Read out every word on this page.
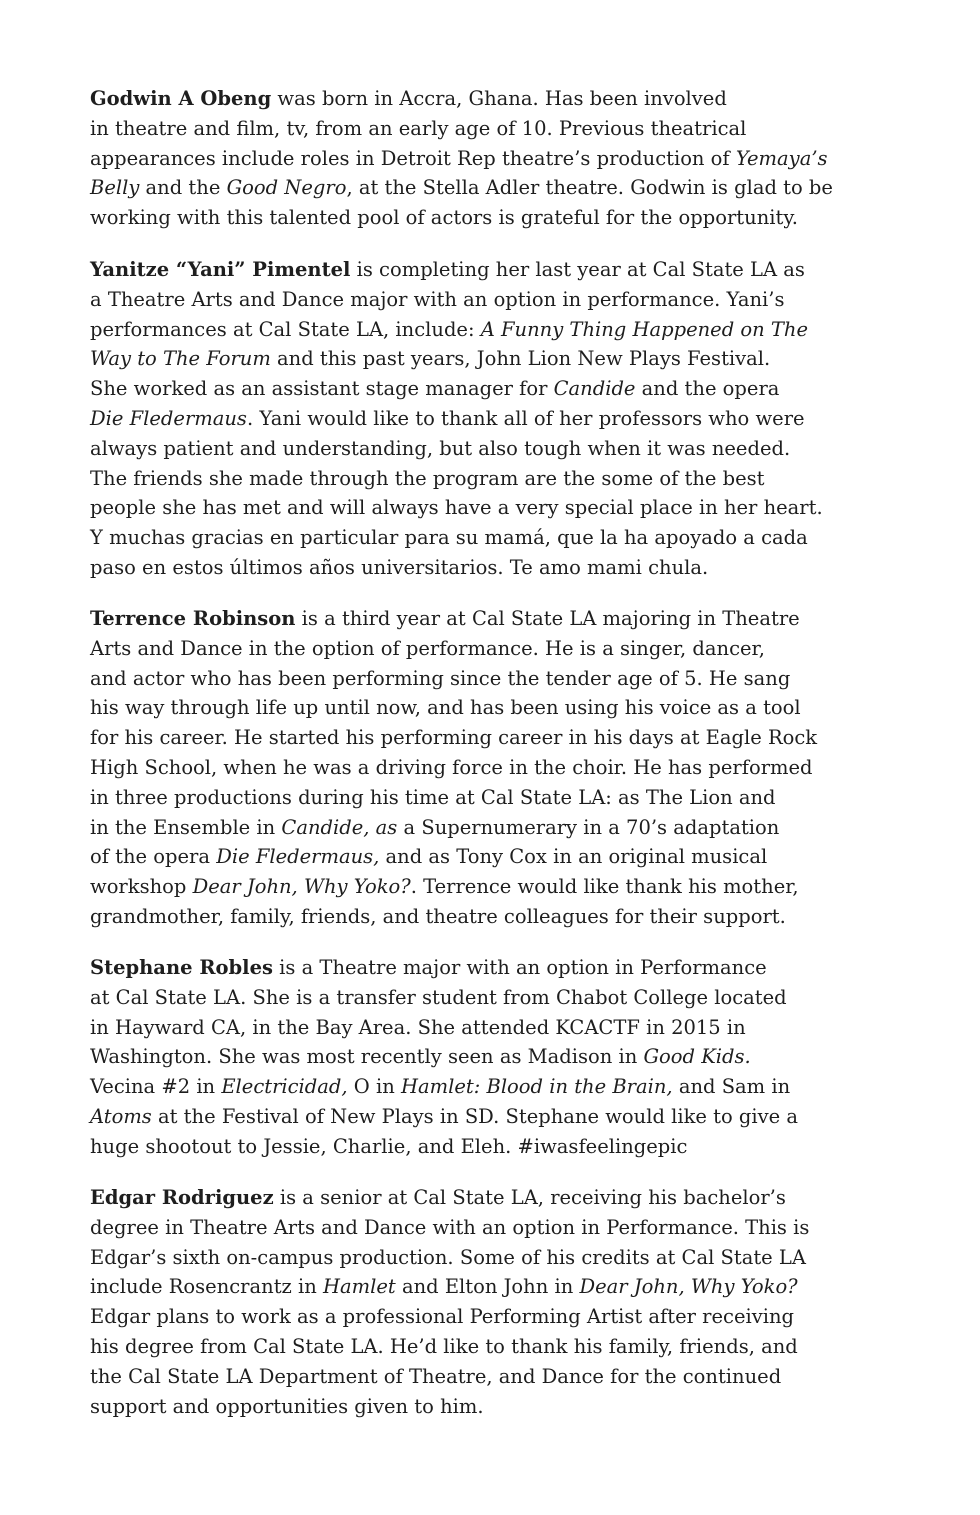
Godwin A Obeng was born in Accra, Ghana. Has been involved
in theatre and film, tv, from an early age of 10. Previous theatrical
appearances include roles in Detroit Rep theatre’s production of Yemaya’s
Belly and the Good Negro, at the Stella Adler theatre. Godwin is glad to be
working with this talented pool of actors is grateful for the opportunity.

Yanitze “Yani” Pimentel is completing her last year at Cal State LA as
a Theatre Arts and Dance major with an option in performance. Yani’s
performances at Cal State LA, include: A Funny Thing Happened on The
Way to The Forum and this past years, John Lion New Plays Festival.
She worked as an assistant stage manager for Candide and the opera
Die Fledermaus. Yani would like to thank all of her professors who were
always patient and understanding, but also tough when it was needed.
The friends she made through the program are the some of the best
people she has met and will always have a very special place in her heart.
Y muchas gracias en particular para su mamá, que la ha apoyado a cada
paso en estos últimos años universitarios. Te amo mami chula.

Terrence Robinson is a third year at Cal State LA majoring in Theatre
Arts and Dance in the option of performance. He is a singer, dancer,
and actor who has been performing since the tender age of 5. He sang
his way through life up until now, and has been using his voice as a tool
for his career. He started his performing career in his days at Eagle Rock
High School, when he was a driving force in the choir. He has performed
in three productions during his time at Cal State LA: as The Lion and
in the Ensemble in Candide, as a Supernumerary in a 70’s adaptation
of the opera Die Fledermaus, and as Tony Cox in an original musical
workshop Dear John, Why Yoko?. Terrence would like thank his mother,
grandmother, family, friends, and theatre colleagues for their support.

Stephane Robles is a Theatre major with an option in Performance
at Cal State LA. She is a transfer student from Chabot College located
in Hayward CA, in the Bay Area. She attended KCACTF in 2015 in
Washington. She was most recently seen as Madison in Good Kids.
Vecina #2 in Electricidad, O in Hamlet: Blood in the Brain, and Sam in
Atoms at the Festival of New Plays in SD. Stephane would like to give a
huge shootout to Jessie, Charlie, and Eleh. #iwasfeelingepic

Edgar Rodriguez is a senior at Cal State LA, receiving his bachelor’s
degree in Theatre Arts and Dance with an option in Performance. This is
Edgar’s sixth on-campus production. Some of his credits at Cal State LA
include Rosencrantz in Hamlet and Elton John in Dear John, Why Yoko?
Edgar plans to work as a professional Performing Artist after receiving
his degree from Cal State LA. He’d like to thank his family, friends, and
the Cal State LA Department of Theatre, and Dance for the continued
support and opportunities given to him.
